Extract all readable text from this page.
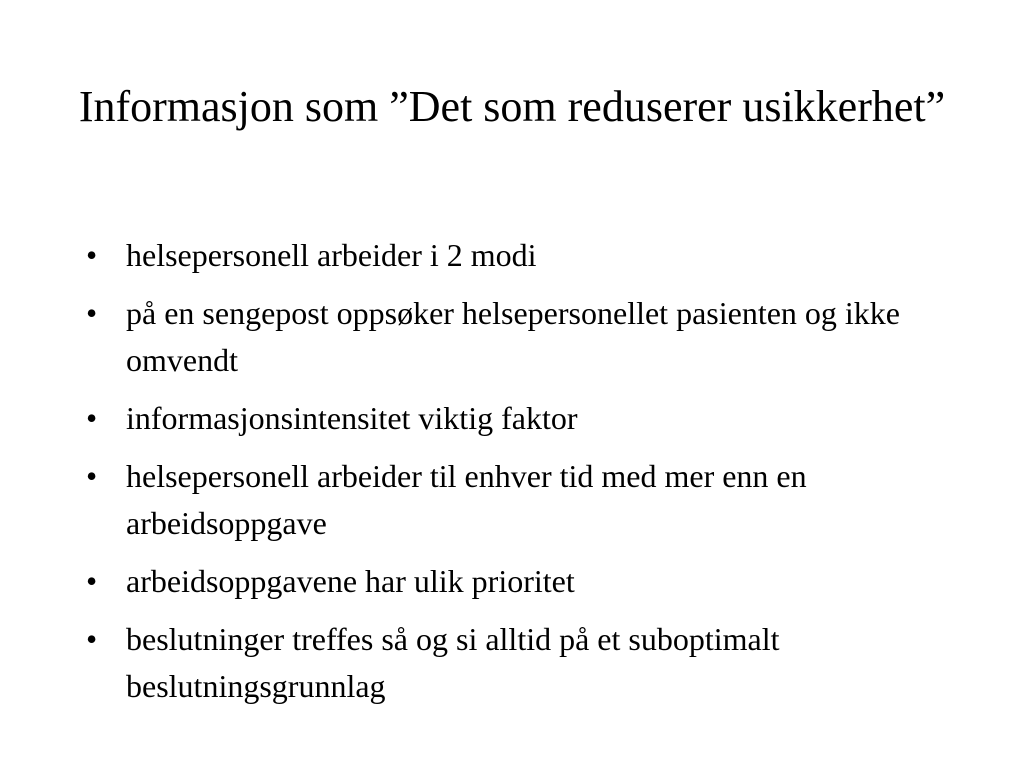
Informasjon som ”Det som reduserer usikkerhet”
• helsepersonell arbeider i 2 modi
• på en sengepost oppsøker helsepersonellet pasienten og ikke omvendt
• informasjonsintensitet viktig faktor
• helsepersonell arbeider til enhver tid med mer enn en arbeidsoppgave
• arbeidsoppgavene har ulik prioritet
• beslutninger treffes så og si alltid på et suboptimalt beslutningsgrunnlag
